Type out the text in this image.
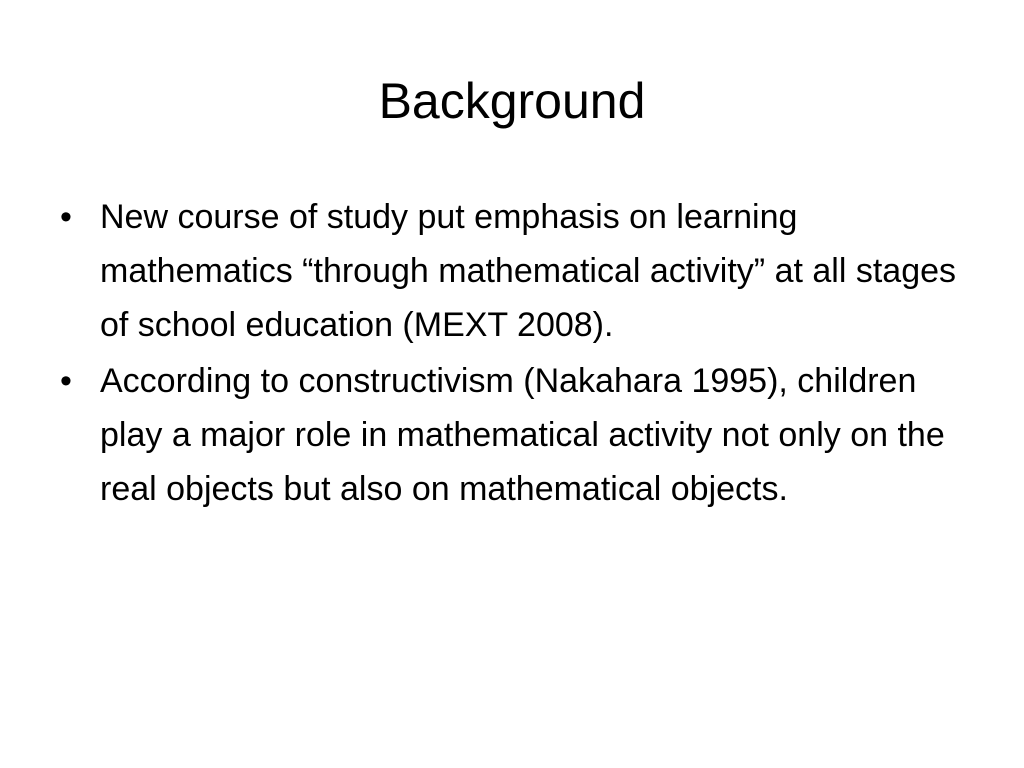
Background
• New course of study put emphasis on learning mathematics “through mathematical activity” at all stages of school education (MEXT 2008).
• According to constructivism (Nakahara 1995), children play a major role in mathematical activity not only on the real objects but also on mathematical objects.
